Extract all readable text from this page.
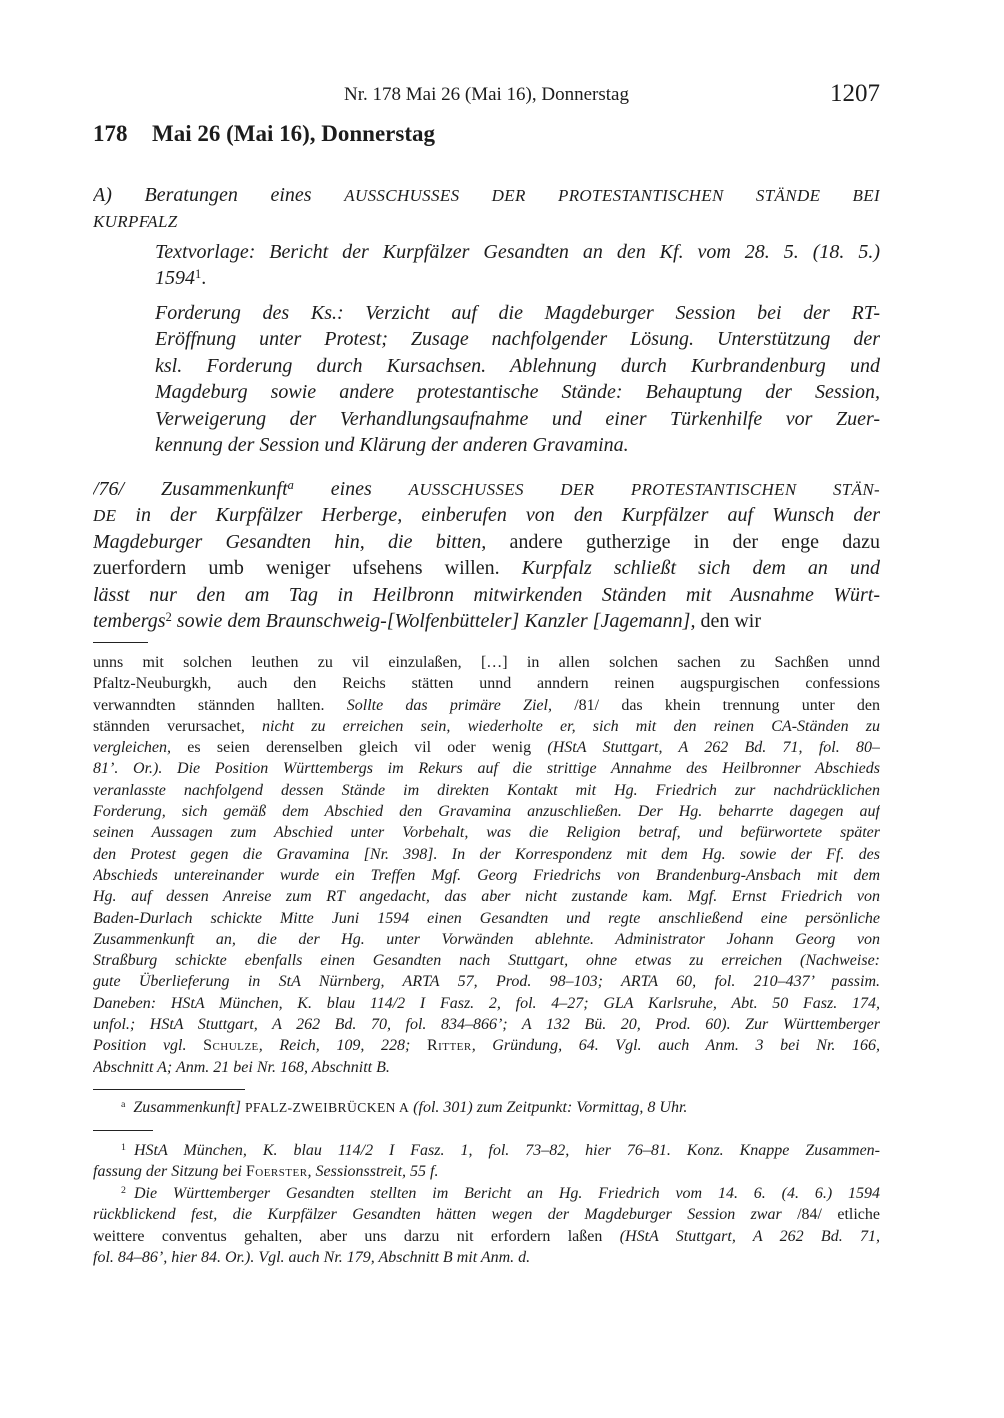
Nr. 178 Mai 26 (Mai 16), Donnerstag	1207
178 Mai 26 (Mai 16), Donnerstag
A) Beratungen eines AUSSCHUSSES DER PROTESTANTISCHEN STÄNDE BEI
KURPFALZ
Textvorlage: Bericht der Kurpfälzer Gesandten an den Kf. vom 28. 5. (18. 5.)
1594$^1$.
Forderung des Ks.: Verzicht auf die Magdeburger Session bei der RT-
Eröffnung unter Protest; Zusage nachfolgender Lösung. Unterstützung der
ksl. Forderung durch Kursachsen. Ablehnung durch Kurbrandenburg und
Magdeburg sowie andere protestantische Stände: Behauptung der Session,
Verweigerung der Verhandlungsaufnahme und einer Türkenhilfe vor Zuer-
kennung der Session und Klärung der anderen Gravamina.
/76/ Zusammenkunft$^a$ eines AUSSCHUSSES DER PROTESTANTISCHEN STÄN-
DE in der Kurpfälzer Herberge, einberufen von den Kurpfälzer auf Wunsch der
Magdeburger Gesandten hin, die bitten, andere gutherzige in der enge dazu
zuerfordern umb weniger ufsehens willen. Kurpfalz schließt sich dem an und
lässt nur den am Tag in Heilbronn mitwirkenden Ständen mit Ausnahme Würt-
tembergs$^2$ sowie dem Braunschweig-[Wolfenbütteler] Kanzler [Jagemann], den wir
unns mit solchen leuthen zu vil einzulaßen, […] in allen solchen sachen zu Sachßen unnd
Pfaltz-Neuburgkh, auch den Reichs stätten unnd anndern reinen augspurgischen confessions
verwanndten stännden hallten. Sollte das primäre Ziel, /81/ das khein trennung unter den
stännden verursachet, nicht zu erreichen sein, wiederholte er, sich mit den reinen CA-Ständen zu
vergleichen, es seien derenselben gleich vil oder wenig (HStA Stuttgart, A 262 Bd. 71, fol. 80–
81’. Or.). Die Position Württembergs im Rekurs auf die strittige Annahme des Heilbronner Abschieds
veranlasste nachfolgend dessen Stände im direkten Kontakt mit Hg. Friedrich zur nachdrücklichen
Forderung, sich gemäß dem Abschied den Gravamina anzuschließen. Der Hg. beharrte dagegen auf
seinen Aussagen zum Abschied unter Vorbehalt, was die Religion betraf, und befürwortete später
den Protest gegen die Gravamina [Nr. 398]. In der Korrespondenz mit dem Hg. sowie der Ff. des
Abschieds untereinander wurde ein Treffen Mgf. Georg Friedrichs von Brandenburg-Ansbach mit dem
Hg. auf dessen Anreise zum RT angedacht, das aber nicht zustande kam. Mgf. Ernst Friedrich von
Baden-Durlach schickte Mitte Juni 1594 einen Gesandten und regte anschließend eine persönliche
Zusammenkunft an, die der Hg. unter Vorwänden ablehnte. Administrator Johann Georg von
Straßburg schickte ebenfalls einen Gesandten nach Stuttgart, ohne etwas zu erreichen (Nachweise:
gute Überlieferung in StA Nürnberg, ARTA 57, Prod. 98–103; ARTA 60, fol. 210–437’ passim.
Daneben: HStA München, K. blau 114/2 I Fasz. 2, fol. 4–27; GLA Karlsruhe, Abt. 50 Fasz. 174,
unfol.; HStA Stuttgart, A 262 Bd. 70, fol. 834–866’; A 132 Bü. 20, Prod. 60). Zur Württemberger
Position vgl. Schulze, Reich, 109, 228; Ritter, Gründung, 64. Vgl. auch Anm. 3 bei Nr. 166,
Abschnitt A; Anm. 21 bei Nr. 168, Abschnitt B.
$^a$ Zusammenkunft] PFALZ-ZWEIBRÜCKEN A (fol. 301) zum Zeitpunkt: Vormittag, 8 Uhr.
$^1$ HStA München, K. blau 114/2 I Fasz. 1, fol. 73–82, hier 76–81. Konz. Knappe Zusammen-
fassung der Sitzung bei Foerster, Sessionsstreit, 55 f.
$^2$ Die Württemberger Gesandten stellten im Bericht an Hg. Friedrich vom 14. 6. (4. 6.) 1594
rückblickend fest, die Kurpfälzer Gesandten hätten wegen der Magdeburger Session zwar /84/ etliche
weittere conventus gehalten, aber uns darzu nit erfordern laßen (HStA Stuttgart, A 262 Bd. 71,
fol. 84–86’, hier 84. Or.). Vgl. auch Nr. 179, Abschnitt B mit Anm. d.
